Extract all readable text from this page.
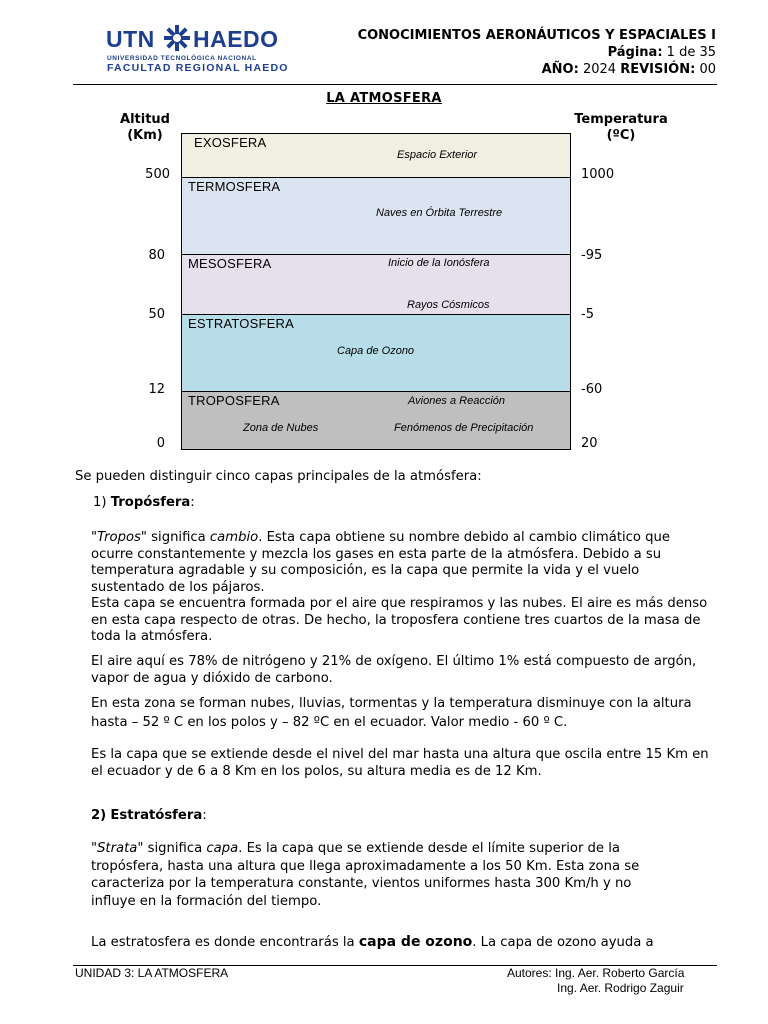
UTN HAEDO
UNIVERSIDAD TECNOLÓGICA NACIONAL
FACULTAD REGIONAL HAEDO
CONOCIMIENTOS AERONÁUTICOS Y ESPACIALES I
Página: 1 de 35
AÑO: 2024 REVISIÓN: 00
LA ATMOSFERA
Altitud
(Km)
Temperatura
(ºC)
500
80
50
12
0
1000
-95
-5
-60
20
EXOSFERA
Espacio Exterior
TERMOSFERA
Naves en Órbita Terrestre
MESOSFERA	Inicio de la Ionósfera
Rayos Cósmicos
ESTRATOSFERA
Capa de Ozono
TROPOSFERA	Aviones a Reacción
Zona de Nubes	Fenómenos de Precipitación
Se pueden distinguir cinco capas principales de la atmósfera:
1) Tropósfera:
"Tropos" significa cambio. Esta capa obtiene su nombre debido al cambio climático que ocurre constantemente y mezcla los gases en esta parte de la atmósfera. Debido a su temperatura agradable y su composición, es la capa que permite la vida y el vuelo sustentado de los pájaros.
Esta capa se encuentra formada por el aire que respiramos y las nubes. El aire es más denso en esta capa respecto de otras. De hecho, la troposfera contiene tres cuartos de la masa de toda la atmósfera.
El aire aquí es 78% de nitrógeno y 21% de oxígeno. El último 1% está compuesto de argón, vapor de agua y dióxido de carbono.
En esta zona se forman nubes, lluvias, tormentas y la temperatura disminuye con la altura
hasta – 52 º C en los polos y – 82 ºC en el ecuador. Valor medio - 60 º C.
Es la capa que se extiende desde el nivel del mar hasta una altura que oscila entre 15 Km en el ecuador y de 6 a 8 Km en los polos, su altura media es de 12 Km.
2) Estratósfera:
"Strata" significa capa. Es la capa que se extiende desde el límite superior de la tropósfera, hasta una altura que llega aproximadamente a los 50 Km. Esta zona se caracteriza por la temperatura constante, vientos uniformes hasta 300 Km/h y no influye en la formación del tiempo.
La estratosfera es donde encontrarás la capa de ozono. La capa de ozono ayuda a
UNIDAD 3: LA ATMOSFERA	Autores: Ing. Aer. Roberto García
Ing. Aer. Rodrigo Zaguir
